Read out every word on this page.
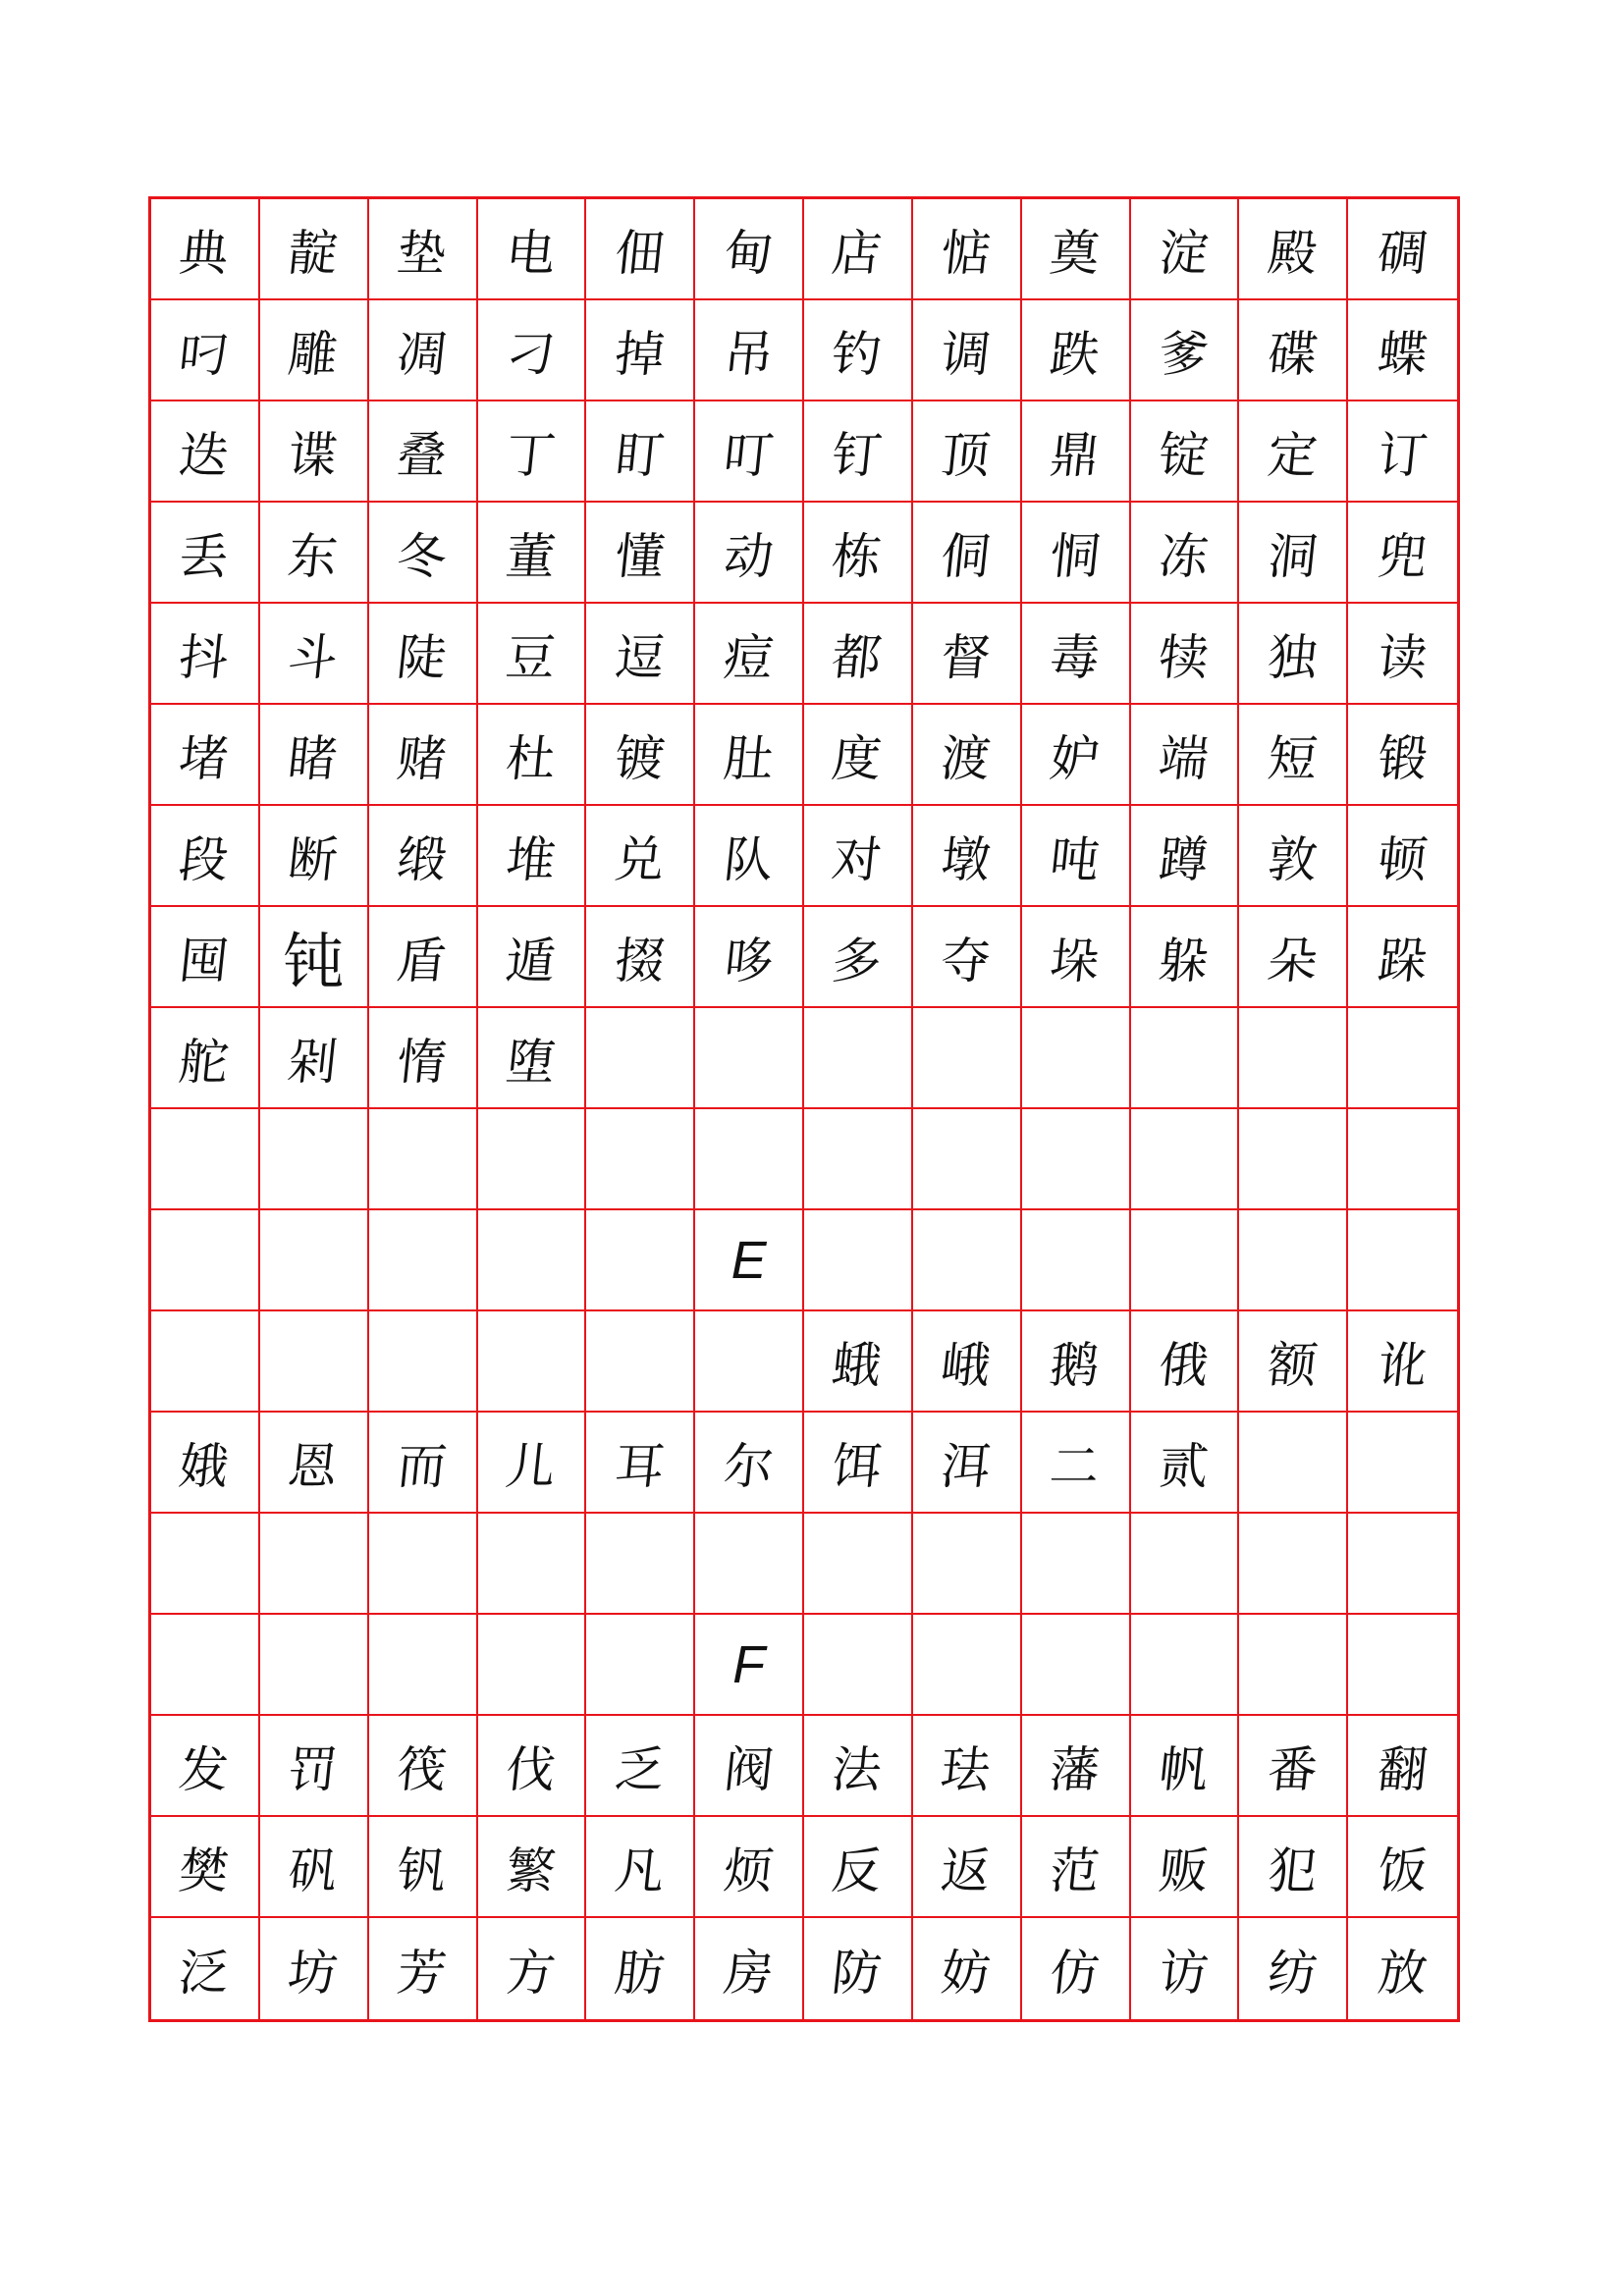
典 靛 垫 电 佃 甸 店 惦 奠 淀 殿 碉
叼 雕 凋 刁 掉 吊 钓 调 跌 爹 碟 蝶
迭 谍 叠 丁 盯 叮 钉 顶 鼎 锭 定 订
丢 东 冬 董 懂 动 栋 侗 恫 冻 洞 兜
抖 斗 陡 豆 逗 痘 都 督 毒 犊 独 读
堵 睹 赌 杜 镀 肚 度 渡 妒 端 短 锻
段 断 缎 堆 兑 队 对 墩 吨 蹲 敦 顿
囤 钝 盾 遁 掇 哆 多 夺 垛 躲 朵 跺
舵 剁 惰 堕
E
蛾 峨 鹅 俄 额 讹
娥 恩 而 儿 耳 尔 饵 洱 二 贰
F
发 罚 筏 伐 乏 阀 法 珐 藩 帆 番 翻
樊 矾 钒 繁 凡 烦 反 返 范 贩 犯 饭
泛 坊 芳 方 肪 房 防 妨 仿 访 纺 放
